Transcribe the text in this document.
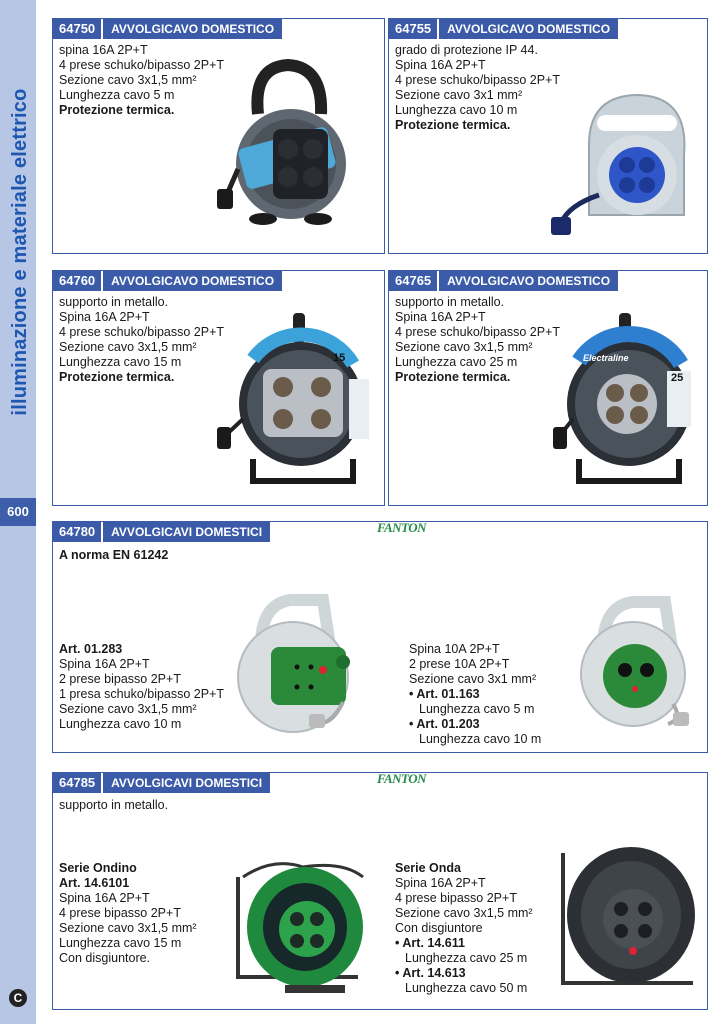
illuminazione e materiale elettrico
600
C
64750	AVVOLGICAVO DOMESTICO
spina 16A 2P+T
4 prese schuko/bipasso 2P+T
Sezione cavo 3x1,5 mm²
Lunghezza cavo 5 m
Protezione termica.
64755	AVVOLGICAVO DOMESTICO
grado di protezione IP 44.
Spina 16A 2P+T
4 prese schuko/bipasso 2P+T
Sezione cavo 3x1 mm²
Lunghezza cavo 10 m
Protezione termica.
64760	AVVOLGICAVO DOMESTICO
supporto in metallo.
Spina 16A 2P+T
4 prese schuko/bipasso 2P+T
Sezione cavo 3x1,5 mm²
Lunghezza cavo 15 m
Protezione termica.
15
64765	AVVOLGICAVO DOMESTICO
supporto in metallo.
Spina 16A 2P+T
4 prese schuko/bipasso 2P+T
Sezione cavo 3x1,5 mm²
Lunghezza cavo 25 m
Protezione termica.
Electraline
25
64780	AVVOLGICAVI DOMESTICI	FANTON
A norma EN 61242
Art. 01.283
Spina 16A 2P+T
2 prese bipasso 2P+T
1 presa schuko/bipasso 2P+T
Sezione cavo 3x1,5 mm²
Lunghezza cavo 10 m
Spina 10A 2P+T
2 prese 10A 2P+T
Sezione cavo 3x1 mm²
• Art. 01.163
Lunghezza cavo 5 m
• Art. 01.203
Lunghezza cavo 10 m
64785	AVVOLGICAVI DOMESTICI	FANTON
supporto in metallo.
Serie Ondino
Art. 14.6101
Spina 16A 2P+T
4 prese bipasso 2P+T
Sezione cavo 3x1,5 mm²
Lunghezza cavo 15 m
Con disgiuntore.
Serie Onda
Spina 16A 2P+T
4 prese bipasso 2P+T
Sezione cavo 3x1,5 mm²
Con disgiuntore
• Art. 14.611
Lunghezza cavo 25 m
• Art. 14.613
Lunghezza cavo 50 m
